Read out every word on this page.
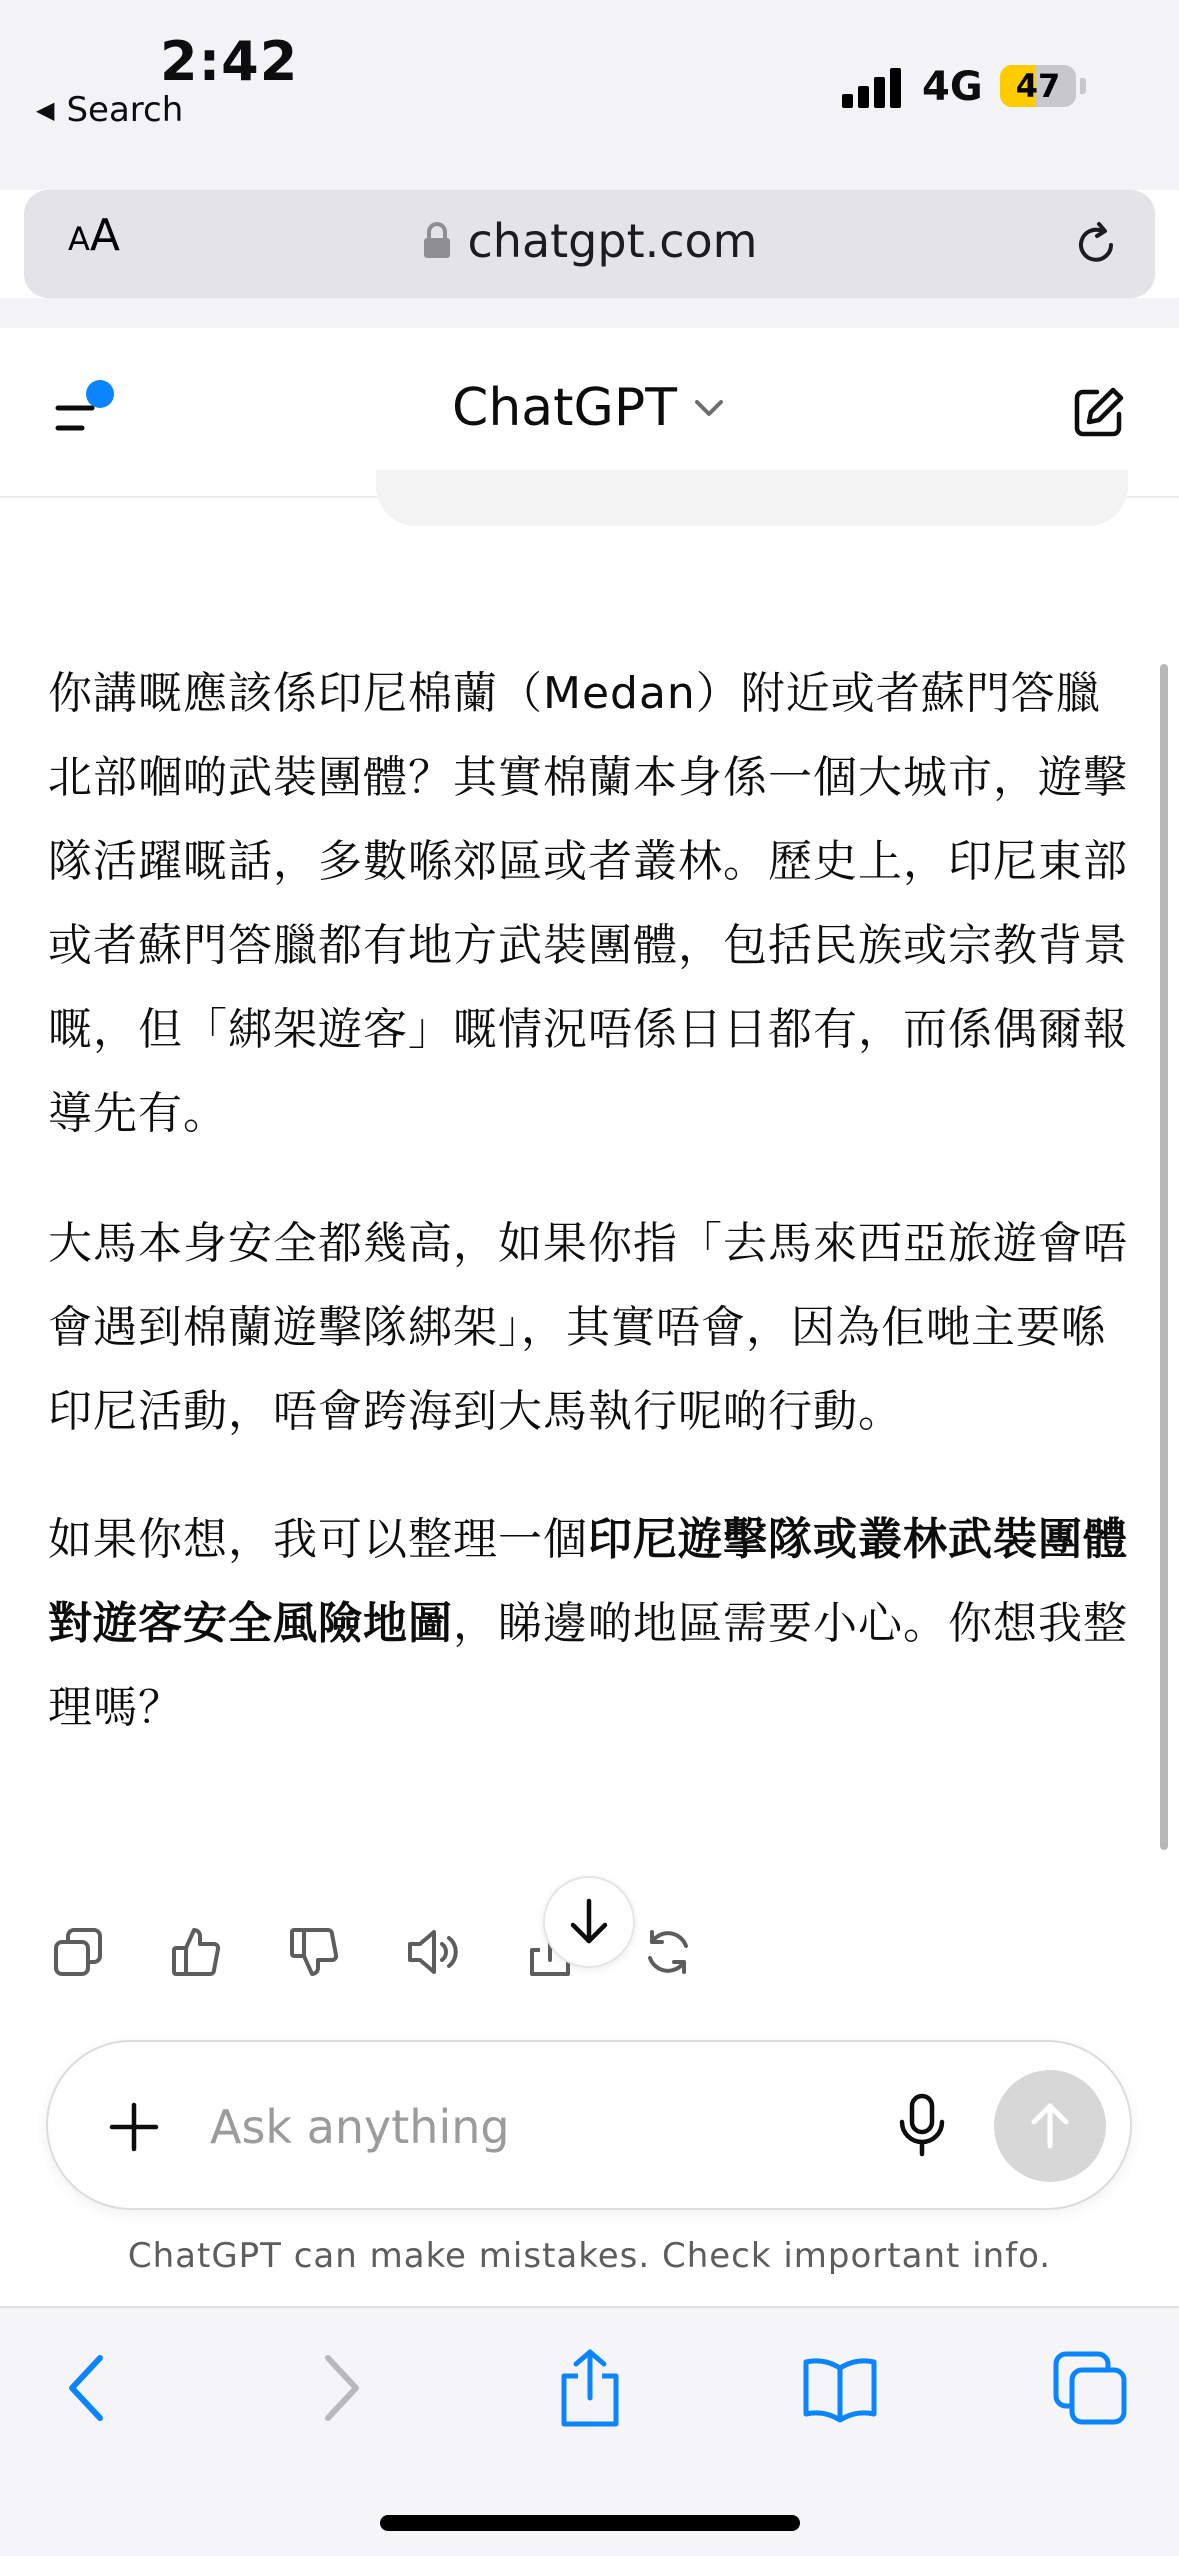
2:42
◀ Search	4G	47
AA	chatgpt.com
ChatGPT

你講嘅應該係印尼棉蘭（Medan）附近或者蘇門答臘北部嗰啲武裝團體？其實棉蘭本身係一個大城市，遊擊隊活躍嘅話，多數喺郊區或者叢林。歷史上，印尼東部或者蘇門答臘都有地方武裝團體，包括民族或宗教背景嘅，但「綁架遊客」嘅情況唔係日日都有，而係偶爾報導先有。

大馬本身安全都幾高，如果你指「去馬來西亞旅遊會唔會遇到棉蘭遊擊隊綁架」，其實唔會，因為佢哋主要喺印尼活動，唔會跨海到大馬執行呢啲行動。

如果你想，我可以整理一個印尼遊擊隊或叢林武裝團體對遊客安全風險地圖，睇邊啲地區需要小心。你想我整理嗎？

Ask anything
ChatGPT can make mistakes. Check important info.
